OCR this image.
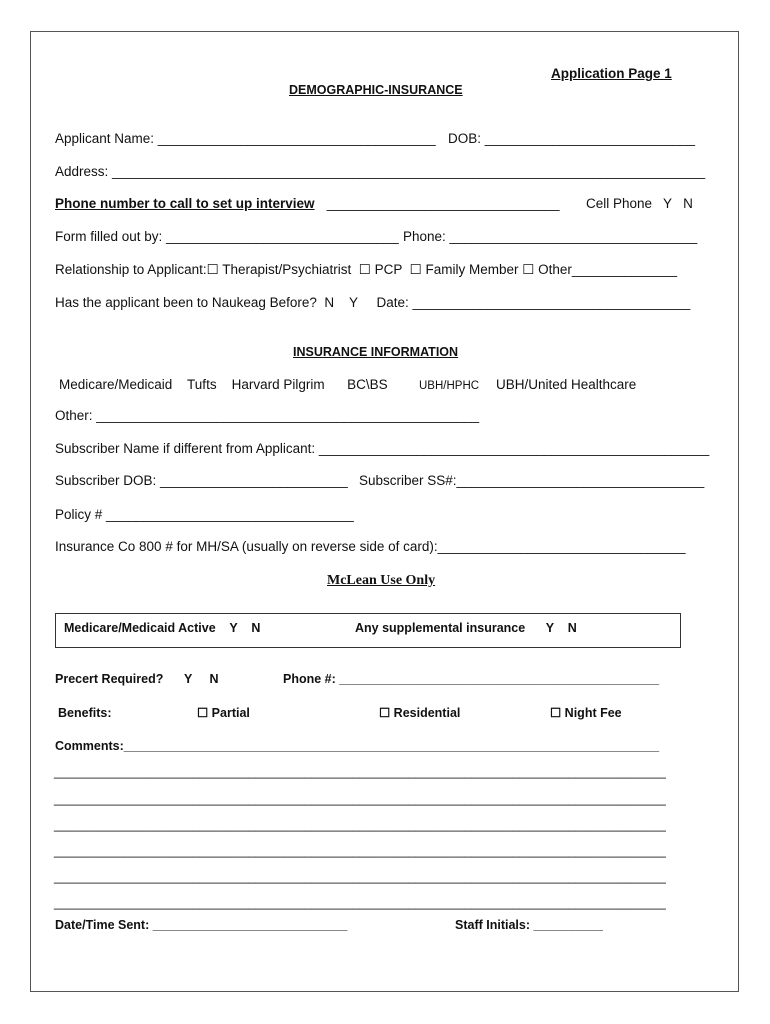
Application Page 1
DEMOGRAPHIC-INSURANCE
Applicant Name: _____________________________________ DOB: ____________________________
Address: _______________________________________________________________________________
Phone number to call to set up interview _______________________________ Cell Phone   Y   N
Form filled out by: _______________________________ Phone: _________________________________
Relationship to Applicant:☐ Therapist/Psychiatrist  ☐ PCP  ☐ Family Member ☐ Other______________
Has the applicant been to Naukeag Before?  N    Y     Date: _____________________________________
INSURANCE INFORMATION
Medicare/Medicaid    Tufts    Harvard Pilgrim      BC\BS	UBH/HPHC UBH/United Healthcare
Other: ___________________________________________________
Subscriber Name if different from Applicant: ____________________________________________________
Subscriber DOB: _________________________ Subscriber SS#:_________________________________
Policy # _________________________________
Insurance Co 800 # for MH/SA (usually on reverse side of card):_________________________________
McLean Use Only
Medicare/Medicaid Active    Y    N	Any supplemental insurance      Y    N
Precert Required?      Y     N	Phone #: ______________________________________________
Benefits:	☐ Partial	☐ Residential	☐ Night Fee
Comments:_____________________________________________________________________________
________________________________________________________________________________________
________________________________________________________________________________________
________________________________________________________________________________________
________________________________________________________________________________________
________________________________________________________________________________________
________________________________________________________________________________________
Date/Time Sent: ____________________________	Staff Initials: __________
